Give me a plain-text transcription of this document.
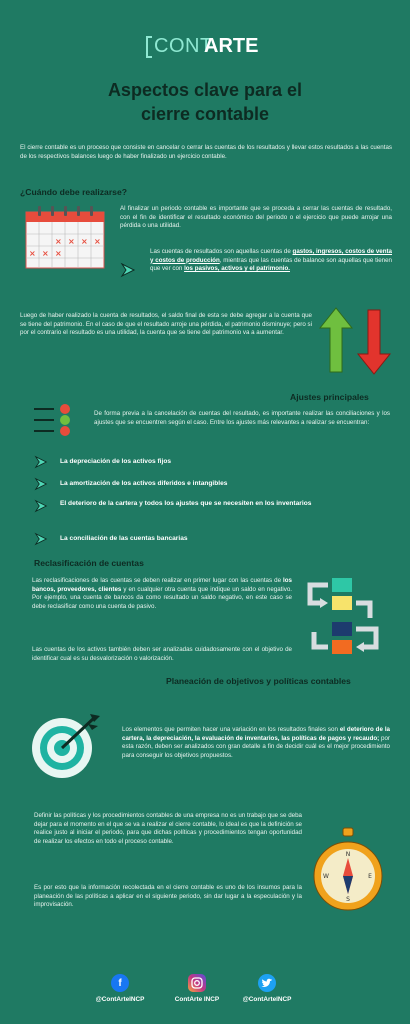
CONT
ARTE
Aspectos clave para el
cierre contable
El cierre contable es un proceso que consiste en cancelar o cerrar las cuentas de los resultados y llevar estos resultados a las cuentas de los respectivos balances luego de haber finalizado un ejercicio contable.
¿Cuándo debe realizarse?
× × ×
× × ×
×
Al finalizar un periodo contable es importante que se proceda a cerrar las cuentas de resultado, con el fin de identificar el resultado económico del periodo o el ejercicio que puede arrojar una pérdida o una utilidad.
Las cuentas de resultados son aquellas cuentas de gastos, ingresos, costos de venta y costos de producción, mientras que las cuentas de balance son aquellas que tienen que ver con los pasivos, activos y el patrimonio.
Luego de haber realizado la cuenta de resultados, el saldo final de esta se debe agregar a la cuenta que se tiene del patrimonio. En el caso de que el resultado arroje una pérdida, el patrimonio disminuye; pero si por el contrario el resultado es una utilidad, la cuenta que se tiene del patrimonio va a aumentar.
Ajustes principales
De forma previa a la cancelación de cuentas del resultado, es importante realizar las conciliaciones y los ajustes que se encuentren según el caso. Entre los ajustes más relevantes a realizar se encuentran:
La depreciación de los activos fijos
La amortización de los activos diferidos e intangibles
El deterioro de la cartera y todos los ajustes que se necesiten en los inventarios
La conciliación de las cuentas bancarias
Reclasificación de cuentas
Las reclasificaciones de las cuentas se deben realizar en primer lugar con las cuentas de los bancos, proveedores, clientes y en cualquier otra cuenta que indique un saldo en negativo. Por ejemplo, una cuenta de bancos da como resultado un saldo negativo, en este caso se debe reclasificar como una cuenta de pasivo.
Las cuentas de los activos también deben ser analizadas cuidadosamente con el objetivo de identificar cual es su desvalorización o valorización.
Planeación de objetivos y políticas contables
Los elementos que permiten hacer una variación en los resultados finales son el deterioro de la cartera, la depreciación, la evaluación de inventarios, las políticas de pagos y recaudo; por esta razón, deben ser analizados con gran detalle a fin de decidir cuál es el mejor procedimiento para conseguir los objetivos propuestos.
Definir las políticas y los procedimientos contables de una empresa no es un trabajo que se deba dejar para el momento en el que se va a realizar el cierre contable, lo ideal es que la definición se realice justo al iniciar el periodo, para que dichas políticas y procedimientos tengan oportunidad de realizar los efectos en todo el proceso contable.
Es por esto que la información recolectada en el cierre contable es uno de los insumos para la planeación de las políticas a aplicar en el siguiente periodo, sin dar lugar a la especulación y la improvisación.
N
S
E
W
f
@ContArteINCP	ContArte INCP	@ContArteINCP
